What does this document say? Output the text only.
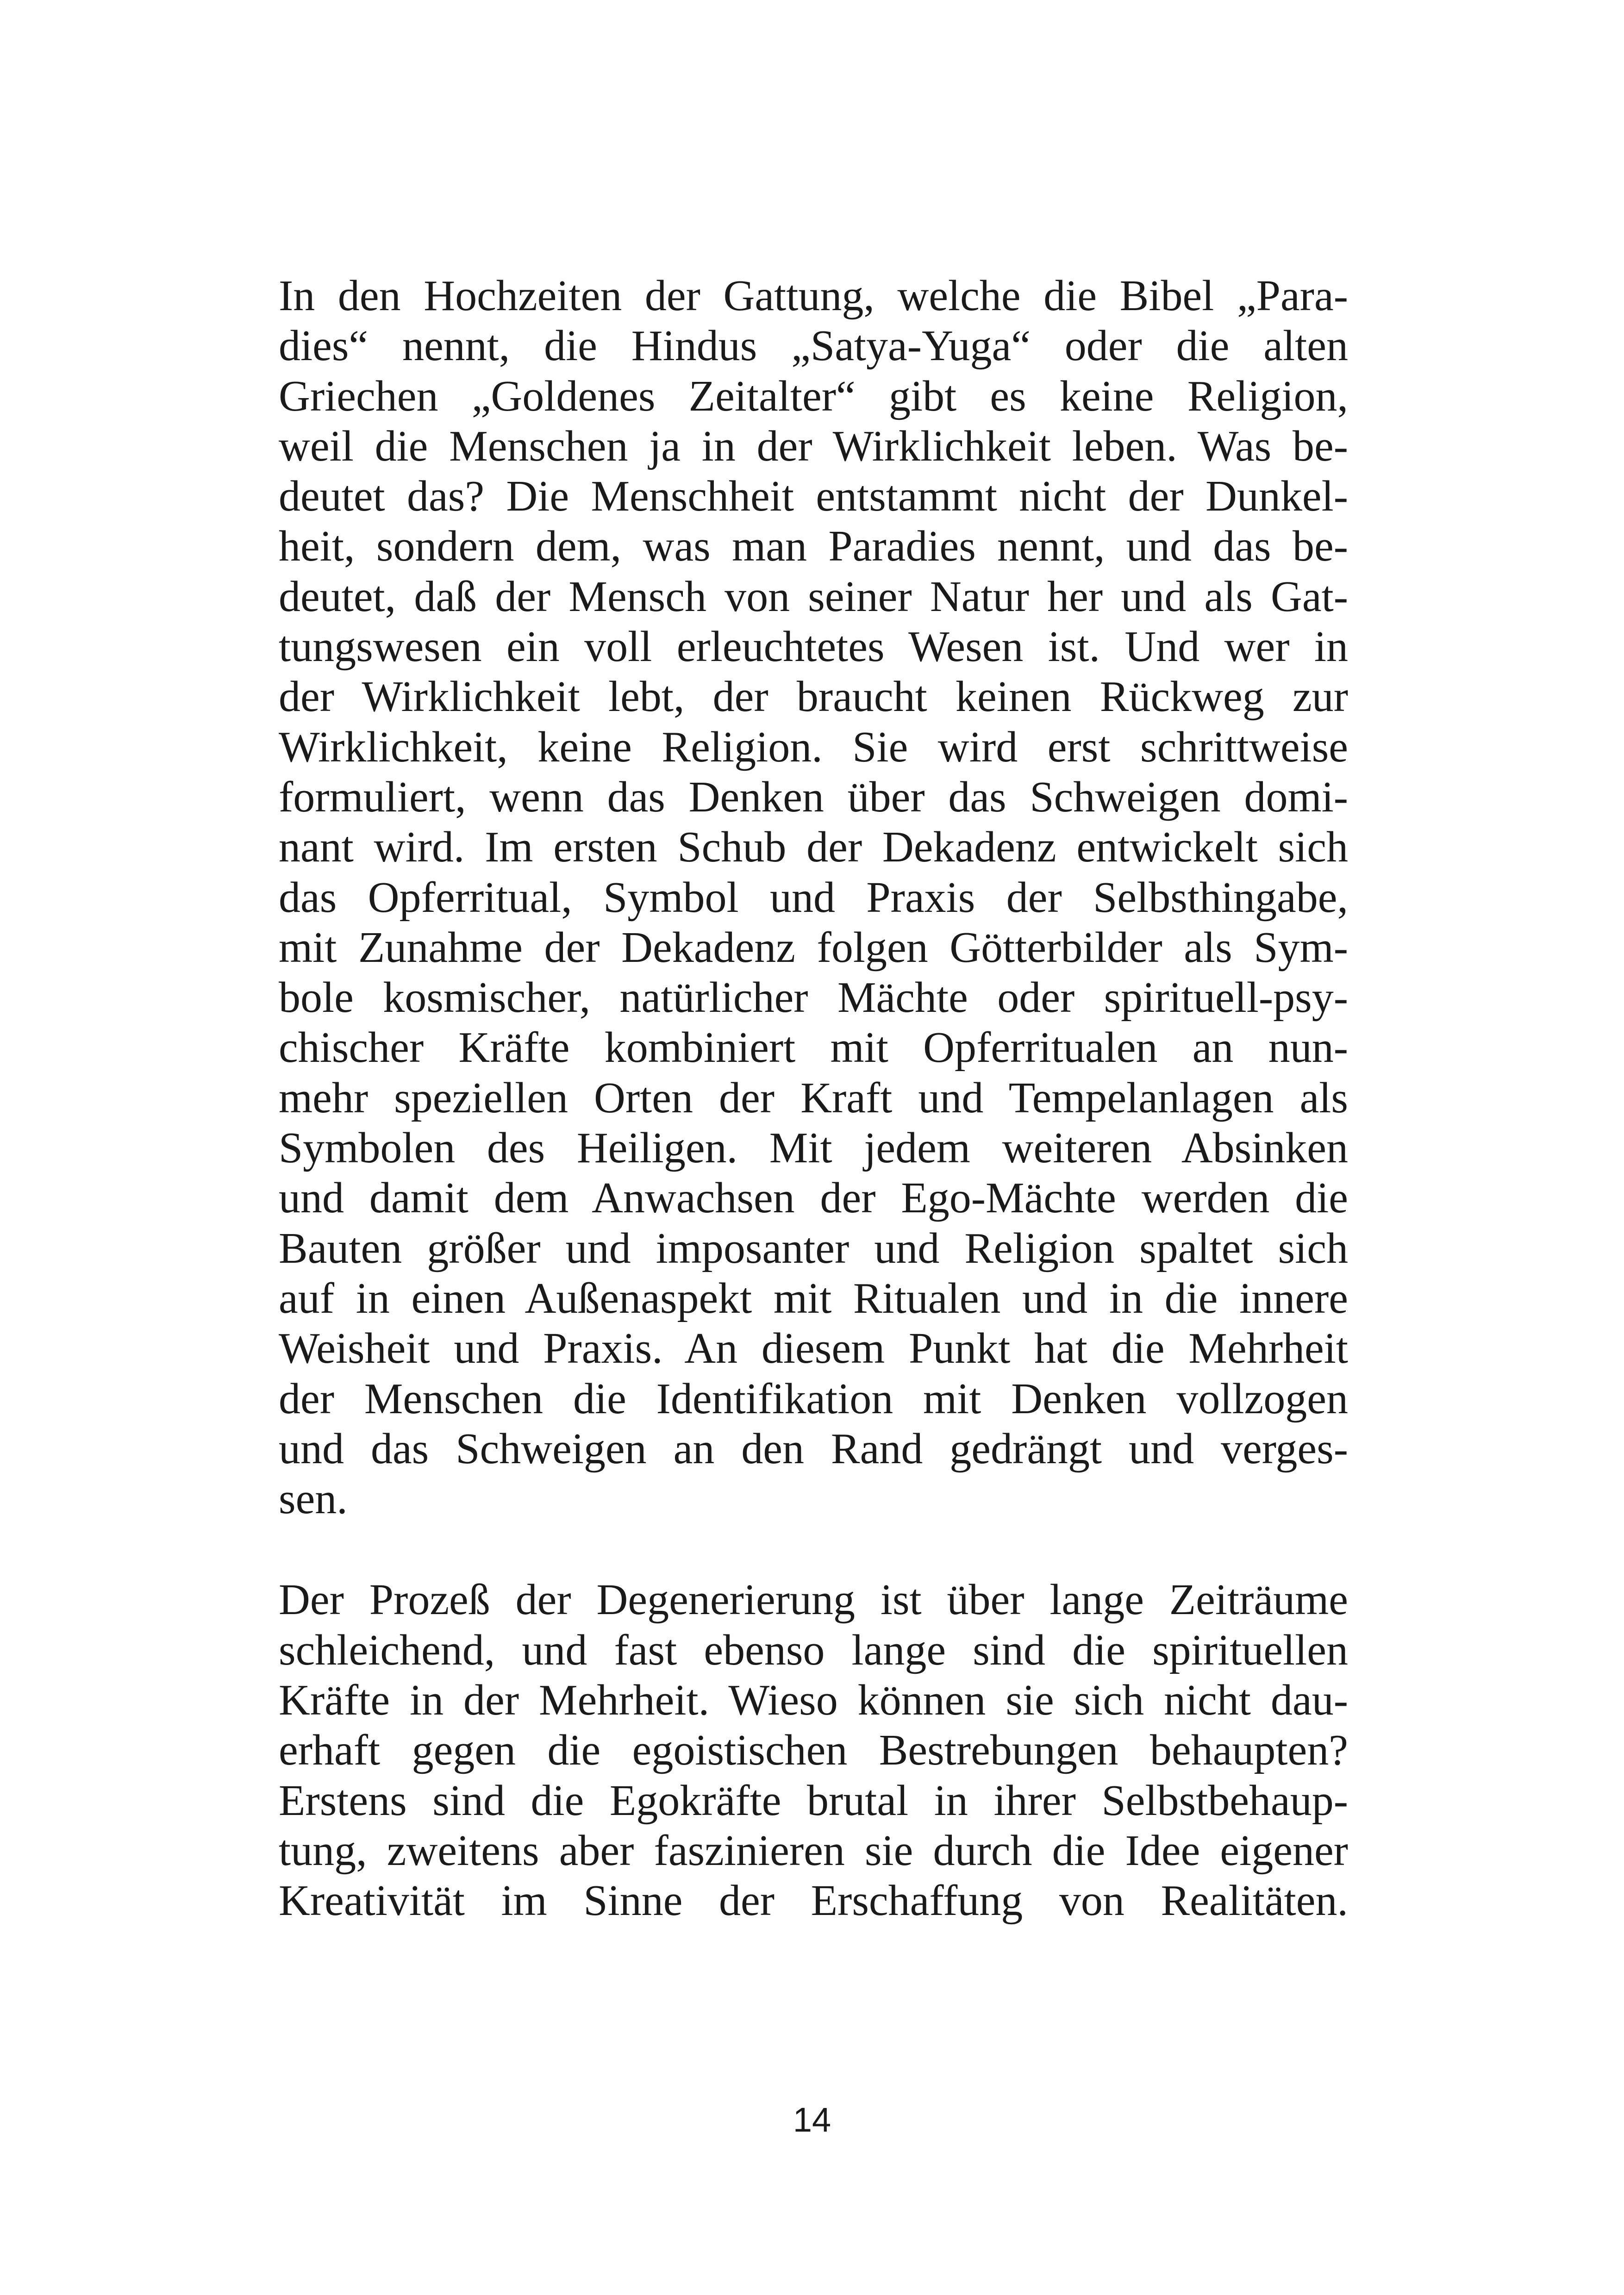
In den Hochzeiten der Gattung, welche die Bibel „Para-
dies“ nennt, die Hindus „Satya-Yuga“ oder die alten
Griechen „Goldenes Zeitalter“ gibt es keine Religion,
weil die Menschen ja in der Wirklichkeit leben. Was be-
deutet das? Die Menschheit entstammt nicht der Dunkel-
heit, sondern dem, was man Paradies nennt, und das be-
deutet, daß der Mensch von seiner Natur her und als Gat-
tungswesen ein voll erleuchtetes Wesen ist. Und wer in
der Wirklichkeit lebt, der braucht keinen Rückweg zur
Wirklichkeit, keine Religion. Sie wird erst schrittweise
formuliert, wenn das Denken über das Schweigen domi-
nant wird. Im ersten Schub der Dekadenz entwickelt sich
das Opferritual, Symbol und Praxis der Selbsthingabe,
mit Zunahme der Dekadenz folgen Götterbilder als Sym-
bole kosmischer, natürlicher Mächte oder spirituell-psy-
chischer Kräfte kombiniert mit Opferritualen an nun-
mehr speziellen Orten der Kraft und Tempelanlagen als
Symbolen des Heiligen. Mit jedem weiteren Absinken
und damit dem Anwachsen der Ego-Mächte werden die
Bauten größer und imposanter und Religion spaltet sich
auf in einen Außenaspekt mit Ritualen und in die innere
Weisheit und Praxis. An diesem Punkt hat die Mehrheit
der Menschen die Identifikation mit Denken vollzogen
und das Schweigen an den Rand gedrängt und verges-
sen.
Der Prozeß der Degenerierung ist über lange Zeiträume
schleichend, und fast ebenso lange sind die spirituellen
Kräfte in der Mehrheit. Wieso können sie sich nicht dau-
erhaft gegen die egoistischen Bestrebungen behaupten?
Erstens sind die Egokräfte brutal in ihrer Selbstbehaup-
tung, zweitens aber faszinieren sie durch die Idee eigener
Kreativität im Sinne der Erschaffung von Realitäten.
14
